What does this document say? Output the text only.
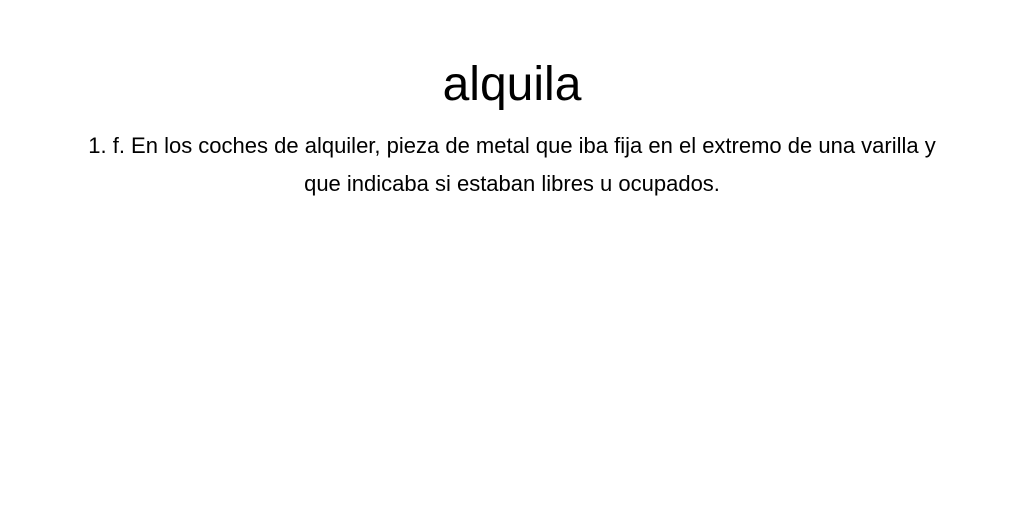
alquila

1. f. En los coches de alquiler, pieza de metal que iba fija en el extremo de una varilla y que indicaba si estaban libres u ocupados.
